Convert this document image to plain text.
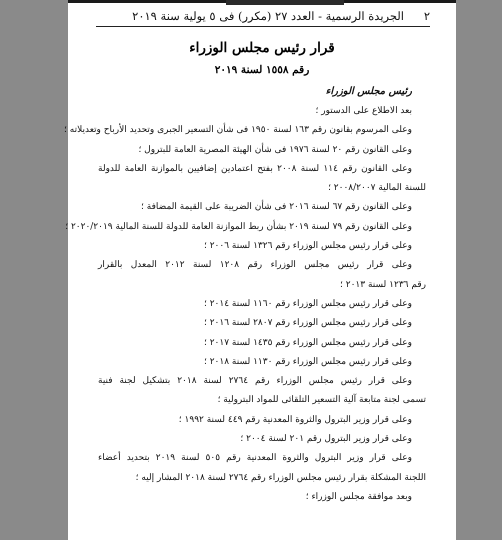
٢
الجريدة الرسمية - العدد ٢٧ (مكرر) فى ٥ يولية سنة ٢٠١٩
قرار رئيس مجلس الوزراء
رقم ١٥٥٨ لسنة ٢٠١٩
رئيس مجلس الوزراء
بعد الاطلاع على الدستور ؛
وعلى المرسوم بقانون رقم ١٦٣ لسنة ١٩٥٠ فى شأن التسعير الجبرى وتحديد الأرباح وتعديلاته ؛
وعلى القانون رقم ٢٠ لسنة ١٩٧٦ فى شأن الهيئة المصرية العامة للبترول ؛
وعلى القانون رقم ١١٤ لسنة ٢٠٠٨ بفتح اعتمادين إضافيين بالموازنة العامة للدولة
للسنة المالية ٢٠٠٨/٢٠٠٧ ؛
وعلى القانون رقم ٦٧ لسنة ٢٠١٦ فى شأن الضريبة على القيمة المضافة ؛
وعلى القانون رقم ٧٩ لسنة ٢٠١٩ بشأن ربط الموازنة العامة للدولة للسنة المالية ٢٠٢٠/٢٠١٩ ؛
وعلى قرار رئيس مجلس الوزراء رقم ١٣٢٦ لسنة ٢٠٠٦ ؛
وعلى قرار رئيس مجلس الوزراء رقم ١٢٠٨ لسنة ٢٠١٢ المعدل بالقرار
رقم ١٢٣٦ لسنة ٢٠١٣ ؛
وعلى قرار رئيس مجلس الوزراء رقم ١١٦٠ لسنة ٢٠١٤ ؛
وعلى قرار رئيس مجلس الوزراء رقم ٢٨٠٧ لسنة ٢٠١٦ ؛
وعلى قرار رئيس مجلس الوزراء رقم ١٤٣٥ لسنة ٢٠١٧ ؛
وعلى قرار رئيس مجلس الوزراء رقم ١١٣٠ لسنة ٢٠١٨ ؛
وعلى قرار رئيس مجلس الوزراء رقم ٢٧٦٤ لسنة ٢٠١٨ بتشكيل لجنة فنية
تسمى لجنة متابعة آلية التسعير التلقائى للمواد البترولية ؛
وعلى قرار وزير البترول والثروة المعدنية رقم ٤٤٩ لسنة ١٩٩٢ ؛
وعلى قرار وزير البترول رقم ٢٠١ لسنة ٢٠٠٤ ؛
وعلى قرار وزير البترول والثروة المعدنية رقم ٥٠٥ لسنة ٢٠١٩ بتحديد أعضاء
اللجنة المشكلة بقرار رئيس مجلس الوزراء رقم ٢٧٦٤ لسنة ٢٠١٨ المشار إليه ؛
وبعد موافقة مجلس الوزراء ؛
